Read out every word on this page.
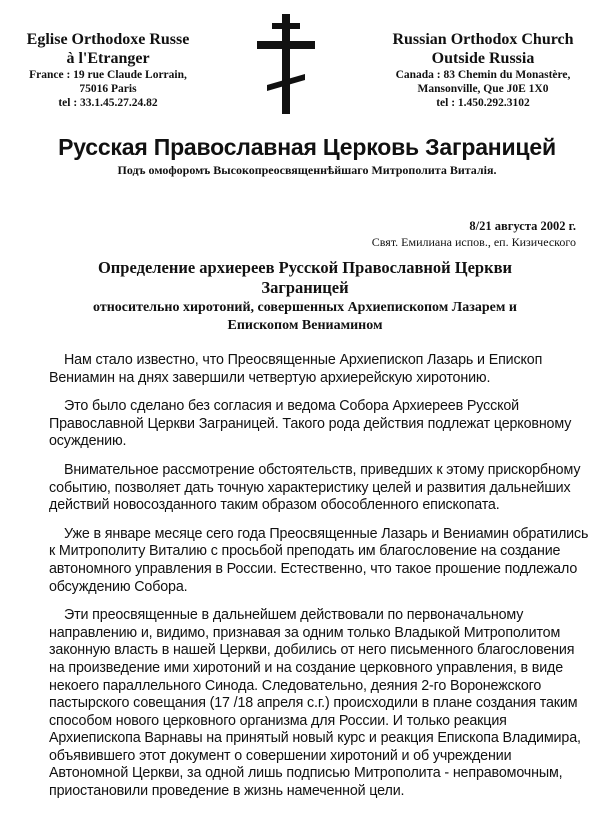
Eglise Orthodoxe Russe
à l'Etranger
France : 19 rue Claude Lorrain,
75016 Paris
tel : 33.1.45.27.24.82
Russian Orthodox Church
Outside Russia
Canada : 83 Chemin du Monastère,
Mansonville, Que J0E 1X0
tel : 1.450.292.3102
Русская Православная Церковь Заграницей
Подъ омофоромъ Высокопреосвященнѣйшаго Митрополита Виталія.
8/21 августа 2002 г.
Свят. Емилиана испов., еп. Кизического
Определение архиереев Русской Православной Церкви
Заграницей
относительно хиротоний, совершенных Архиепископом Лазарем и
Епископом Вениамином

Нам стало известно, что Преосвященные Архиепископ Лазарь и Епископ Вениамин на днях завершили четвертую архиерейскую хиротонию.

Это было сделано без согласия и ведома Собора Архиереев Русской Православной Церкви Заграницей. Такого рода действия подлежат церковному осуждению.

Внимательное рассмотрение обстоятельств, приведших к этому прискорбному событию, позволяет дать точную характеристику целей и развития дальнейших действий новосозданного таким образом обособленного епископата.

Уже в январе месяце сего года Преосвященные Лазарь и Вениамин обратились к Митрополиту Виталию с просьбой преподать им благословение на создание автономного управления в России. Естественно, что такое прошение подлежало обсуждению Собора.

Эти преосвященные в дальнейшем действовали по первоначальному направлению и, видимо, признавая за одним только Владыкой Митрополитом законную власть в нашей Церкви, добились от него письменного благословения на произведение ими хиротоний и на создание церковного управления, в виде некоего параллельного Синода. Следовательно, деяния 2-го Воронежского пастырского совещания (17 /18 апреля с.г.) происходили в плане создания таким способом нового церковного организма для России. И только реакция Архиепископа Варнавы на принятый новый курс и реакция Епископа Владимира, объявившего этот документ о совершении хиротоний и об учреждении Автономной Церкви, за одной лишь подписью Митрополита - неправомочным, приостановили проведение в жизнь намеченной цели.
